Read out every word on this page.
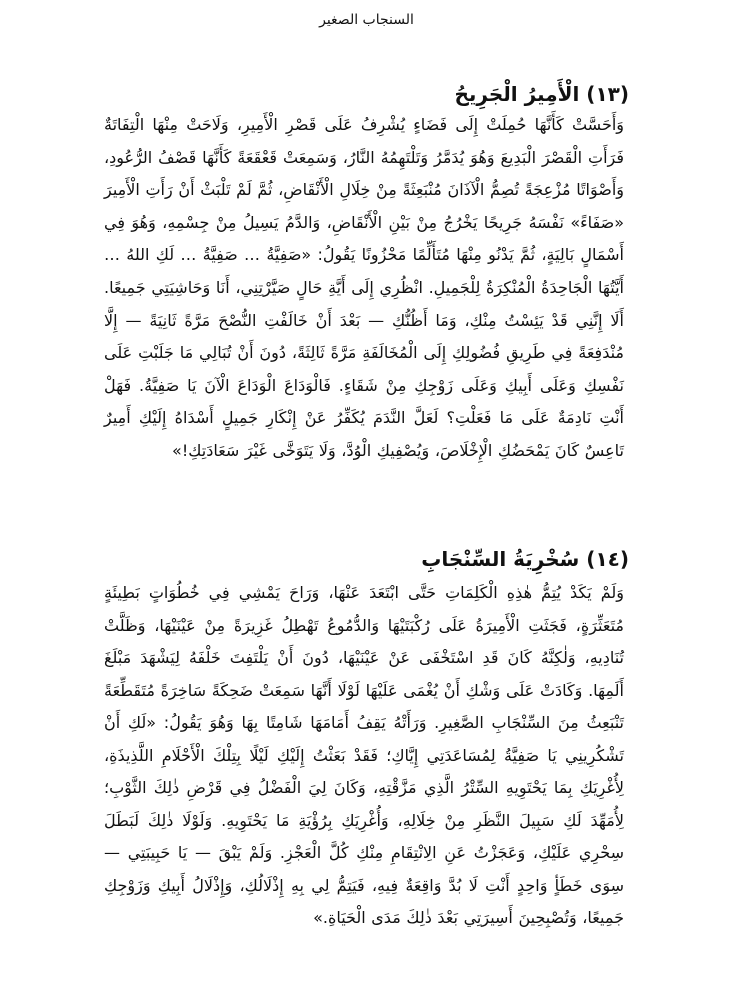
السنجاب الصغير
(١٣) الْأَمِيرُ الْجَرِيحُ

وَأَحَسَّتْ كَأَنَّهَا حُمِلَتْ إِلَى فَضَاءٍ يُشْرِفُ عَلَى قَصْرِ الْأَمِيرِ، وَلَاحَتْ مِنْهَا الْتِفَاتَةٌ فَرَأَتِ الْقَصْرَ الْبَدِيعَ وَهُوَ يُدَمَّرُ وَتَلْتَهِمُهُ النَّارُ، وَسَمِعَتْ قَعْقَعَةً كَأَنَّهَا قَصْفُ الرُّعُودِ، وَأَصْوَاتًا مُزْعِجَةً تُصِمُّ الْآذَانَ مُنْبَعِثَةً مِنْ خِلَالِ الْأَنْقَاضِ، ثُمَّ لَمْ تَلْبَثْ أَنْ رَأَتِ الْأَمِيرَ «صَفَاءً» نَفْسَهُ جَرِيحًا يَخْرُجُ مِنْ بَيْنِ الْأَنْقَاضِ، وَالدَّمُ يَسِيلُ مِنْ جِسْمِهِ، وَهُوَ فِي أَسْمَالٍ بَالِيَةٍ، ثُمَّ يَدْنُو مِنْهَا مُتَأَلِّمًا مَحْزُونًا يَقُولُ: «صَفِيَّةُ … صَفِيَّةُ … لَكِ اللهُ … أَيَّتُهَا الْجَاحِدَةُ الْمُنْكِرَةُ لِلْجَمِيلِ. انْظُرِي إِلَى أَيَّةِ حَالٍ صَيَّرْتِنِي، أَنَا وَحَاشِيَتِي جَمِيعًا. أَلَا إِنَّنِي قَدْ يَئِسْتُ مِنْكِ، وَمَا أَظُنُّكِ — بَعْدَ أَنْ خَالَفْتِ النُّصْحَ مَرَّةً ثَانِيَةً — إِلَّا مُنْدَفِعَةً فِي طَرِيقِ فُضُولِكِ إِلَى الْمُخَالَفَةِ مَرَّةً ثَالِثَةً، دُونَ أَنْ تُبَالِي مَا جَلَبْتِ عَلَى نَفْسِكِ وَعَلَى أَبِيكِ وَعَلَى زَوْجِكِ مِنْ شَقَاءٍ. فَالْوَدَاعَ الْوَدَاعَ الْآنَ يَا صَفِيَّةُ. فَهَلْ أَنْتِ نَادِمَةٌ عَلَى مَا فَعَلْتِ؟ لَعَلَّ النَّدَمَ يُكَفِّرُ عَنْ إِنْكَارِ جَمِيلٍ أَسْدَاهُ إِلَيْكِ أَمِيرٌ تَاعِسٌ كَانَ يَمْحَضُكِ الْإِخْلَاصَ، وَيُصْفِيكِ الْوُدَّ، وَلَا يَتَوَخَّى غَيْرَ سَعَادَتِكِ!»

(١٤) سُخْرِيَةُ السِّنْجَابِ

وَلَمْ يَكَدْ يُتِمُّ هٰذِهِ الْكَلِمَاتِ حَتَّى ابْتَعَدَ عَنْهَا، وَرَاحَ يَمْشِي فِي خُطُوَاتٍ بَطِيئَةٍ مُتَعَثِّرَةٍ، فَجَثَتِ الْأَمِيرَةُ عَلَى رُكْبَتَيْهَا وَالدُّمُوعُ تَهْطِلُ غَزِيرَةً مِنْ عَيْنَيْهَا، وَظَلَّتْ تُنَادِيهِ، وَلٰكِنَّهُ كَانَ قَدِ اسْتَخْفَى عَنْ عَيْنَيْهَا، دُونَ أَنْ يَلْتَفِتَ خَلْفَهُ لِيَشْهَدَ مَبْلَغَ أَلَمِهَا. وَكَادَتْ عَلَى وَشْكِ أَنْ يُغْمَى عَلَيْهَا لَوْلَا أَنَّهَا سَمِعَتْ ضَحِكَةً سَاخِرَةً مُتَقَطِّعَةً تَنْبَعِثُ مِنَ السِّنْجَابِ الصَّغِيرِ. وَرَأَتْهُ يَقِفُ أَمَامَهَا شَامِتًا بِهَا وَهُوَ يَقُولُ: «لَكِ أَنْ تَشْكُرِينِي يَا صَفِيَّةُ لِمُسَاعَدَتِي إِيَّاكِ؛ فَقَدْ بَعَثْتُ إِلَيْكِ لَيْلًا بِتِلْكَ الْأَحْلَامِ اللَّذِيذَةِ، لِأُغْرِيَكِ بِمَا يَحْتَوِيهِ السِّتْرُ الَّذِي مَزَّقْتِهِ، وَكَانَ لِيَ الْفَضْلُ فِي قَرْضِ ذٰلِكَ الثَّوْبِ؛ لِأُمَهِّدَ لَكِ سَبِيلَ النَّظَرِ مِنْ خِلَالِهِ، وَأُغْرِيَكِ بِرُؤْيَةِ مَا يَحْتَوِيهِ. وَلَوْلَا ذٰلِكَ لَبَطَلَ سِحْرِي عَلَيْكِ، وَعَجَزْتُ عَنِ الِانْتِقَامِ مِنْكِ كُلَّ الْعَجْزِ. وَلَمْ يَبْقَ — يَا حَبِيبَتِي — سِوَى خَطَأٍ وَاحِدٍ أَنْتِ لَا بُدَّ وَاقِعَةٌ فِيهِ، فَيَتِمُّ لِي بِهِ إِذْلَالُكِ، وَإِذْلَالُ أَبِيكِ وَزَوْجِكِ جَمِيعًا، وَتُصْبِحِينَ أَسِيرَتِي بَعْدَ ذٰلِكَ مَدَى الْحَيَاةِ.»
